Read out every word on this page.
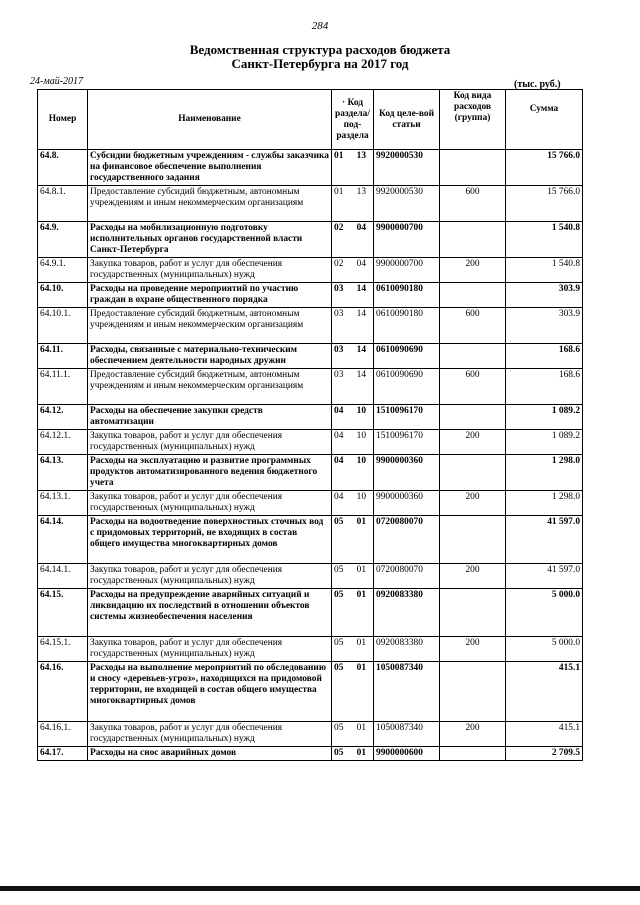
284
Ведомственная структура расходов бюджета
Санкт-Петербурга на 2017 год
24-май-2017	(тыс. руб.)
Номер	Наименование	· Код раздела/ под-раздела	Код целе-вой статьи	Код вида расходов (группа)	Сумма
64.8.	Субсидии бюджетным учреждениям - службы заказчика на финансовое обеспечение выполнения государственного задания	01 13	9920000530		15 766.0
64.8.1.	Предоставление субсидий бюджетным, автономным учреждениям и иным некоммерческим организациям	01 13	9920000530	600	15 766.0
64.9.	Расходы на мобилизационную подготовку исполнительных органов государственной власти Санкт-Петербурга	02 04	9900000700		1 540.8
64.9.1.	Закупка товаров, работ и услуг для обеспечения государственных (муниципальных) нужд	02 04	9900000700	200	1 540.8
64.10.	Расходы на проведение мероприятий по участию граждан в охране общественного порядка	03 14	0610090180		303.9
64.10.1.	Предоставление субсидий бюджетным, автономным учреждениям и иным некоммерческим организациям	03 14	0610090180	600	303.9
64.11.	Расходы, связанные с материально-техническим обеспечением деятельности народных дружин	03 14	0610090690		168.6
64.11.1.	Предоставление субсидий бюджетным, автономным учреждениям и иным некоммерческим организациям	03 14	0610090690	600	168.6
64.12.	Расходы на обеспечение закупки средств автоматизации	04 10	1510096170		1 089.2
64.12.1.	Закупка товаров, работ и услуг для обеспечения государственных (муниципальных) нужд	04 10	1510096170	200	1 089.2
64.13.	Расходы на эксплуатацию и развитие программных продуктов автоматизированного ведения бюджетного учета	04 10	9900000360		1 298.0
64.13.1.	Закупка товаров, работ и услуг для обеспечения государственных (муниципальных) нужд	04 10	9900000360	200	1 298.0
64.14.	Расходы на водоотведение поверхностных сточных вод с придомовых территорий, не входящих в состав общего имущества многоквартирных домов	05 01	0720080070		41 597.0
64.14.1.	Закупка товаров, работ и услуг для обеспечения государственных (муниципальных) нужд	05 01	0720080070	200	41 597.0
64.15.	Расходы на предупреждение аварийных ситуаций и ликвидацию их последствий в отношении объектов системы жизнеобеспечения населения	05 01	0920083380		5 000.0
64.15.1.	Закупка товаров, работ и услуг для обеспечения государственных (муниципальных) нужд	05 01	0920083380	200	5 000.0
64.16.	Расходы на выполнение мероприятий по обследованию и сносу «деревьев-угроз», находящихся на придомовой территории, не входящей в состав общего имущества многоквартирных домов	05 01	1050087340		415.1
64.16.1.	Закупка товаров, работ и услуг для обеспечения государственных (муниципальных) нужд	05 01	1050087340	200	415.1
64.17.	Расходы на снос аварийных домов	05 01	9900000600		2 709.5
